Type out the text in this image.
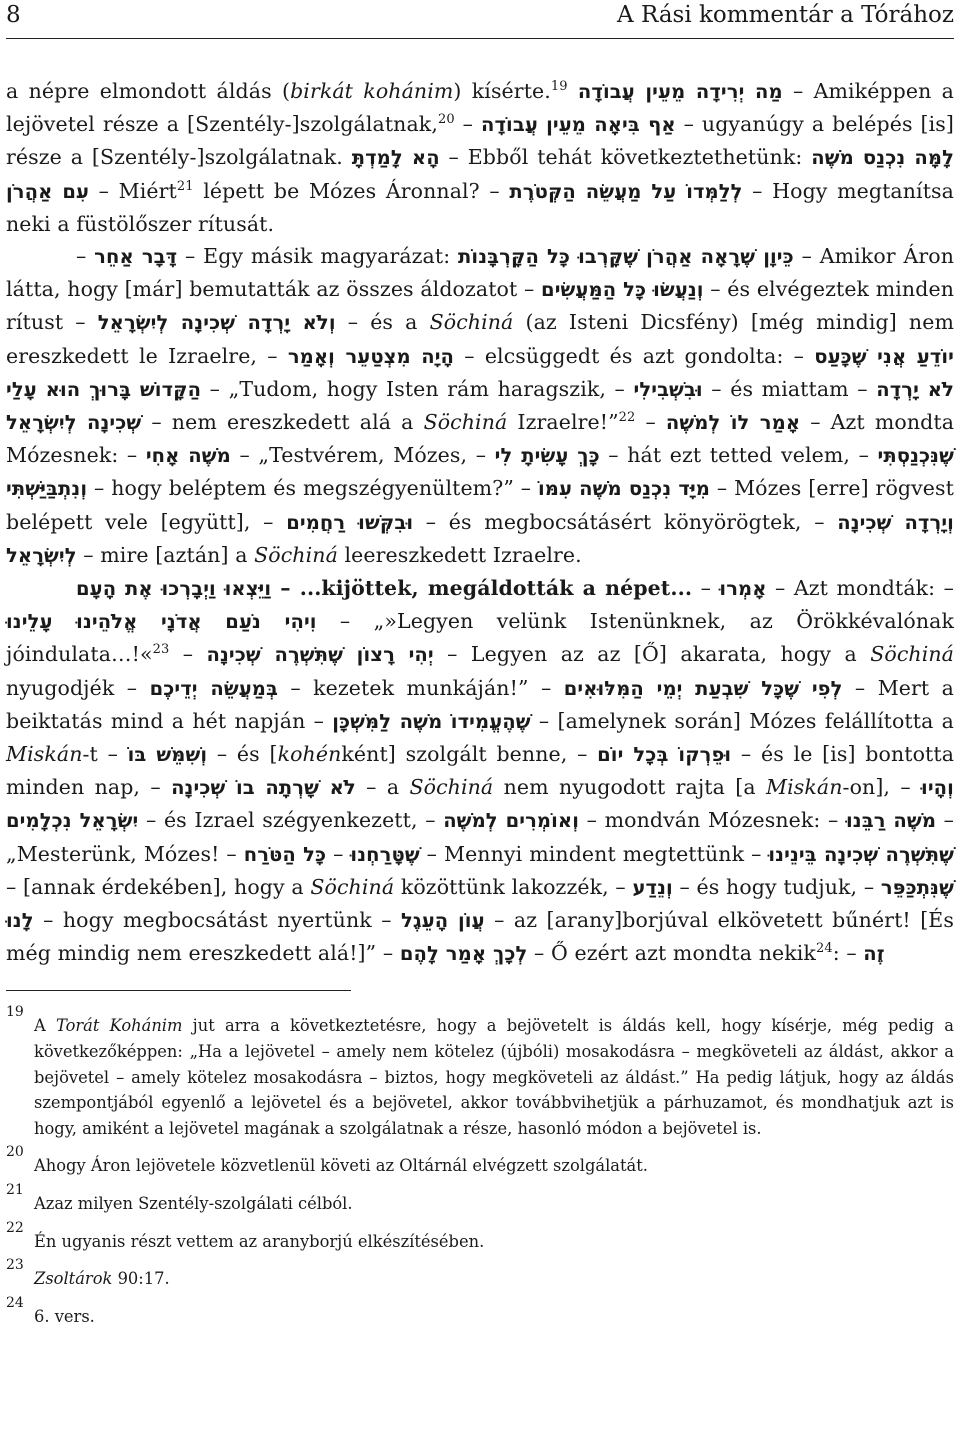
8	A Rási kommentár a Tórához

a népre elmondott áldás (birkát kohánim) kísérte.$^{19}$ מַה יְרִידָה מֵעֵין עֲבוֹדָה – Amiképpen a lejövetel része a [Szentély-]szolgálatnak,$^{20}$ – אַף בִּיאָה מֵעֵין עֲבוֹדָה – ugyanúgy a belépés [is] része a [Szentély-]szolgálatnak. הָא לָמַדְתָּ – Ebből tehát következtethetünk: לָמָּה נִכְנַס מֹשֶׁה עִם אַהֲרֹן – Miért$^{21}$ lépett be Mózes Áronnal? – לְלַמְּדוֹ עַל מַעֲשֵׂה הַקְּטֹרֶת – Hogy megtanítsa neki a füstölőszer rítusát.

– דָּבָר אַחֵר – Egy másik magyarázat: כֵּיוָן שֶׁרָאָה אַהֲרֹן שֶׁקָּרְבוּ כָּל הַקָּרְבָּנוֹת – Amikor Áron látta, hogy [már] bemutatták az összes áldozatot – וְנַעֲשׂוּ כָּל הַמַּעֲשִׂים – és elvégeztek minden rítust – וְלֹא יָרְדָה שְׁכִינָה לְיִשְׂרָאֵל – és a Söchiná (az Isteni Dicsfény) [még mindig] nem ereszkedett le Izraelre, – הָיָה מִצְטַעֵר וְאָמַר – elcsüggedt és azt gondolta: – יוֹדֵעַ אֲנִי שֶׁכָּעַס הַקָּדוֹשׁ בָּרוּךְ הוּא עָלַי – „Tudom, hogy Isten rám haragszik, – וּבִשְׁבִילִי – és miattam – לֹא יָרְדָה שְׁכִינָה לְיִשְׂרָאֵל – nem ereszkedett alá a Söchiná Izraelre!”$^{22}$ – אָמַר לוֹ לְמֹשֶׁה – Azt mondta Mózesnek: – מֹשֶׁה אָחִי – „Testvérem, Mózes, – כָּךְ עָשִׂיתָ לִי – hát ezt tetted velem, – שֶׁנִּכְנַסְתִּי וְנִתְבַּיַּשְׁתִּי – hogy beléptem és megszégyenültem?” – מִיָּד נִכְנַס מֹשֶׁה עִמּוֹ – Mózes [erre] rögvest belépett vele [együtt], – וּבִקְּשׁוּ רַחֲמִים – és megbocsátásért könyörögtek, – וְיָרְדָה שְׁכִינָה לְיִשְׂרָאֵל – mire [aztán] a Söchiná leereszkedett Izraelre.

וַיֵּצְאוּ וַיְבָרְכוּ אֶת הָעָם – ...kijöttek, megáldották a népet... – אָמְרוּ – Azt mondták: – וִיהִי נֹעַם אֲדֹנָי אֱלֹהֵינוּ עָלֵינוּ – „»Legyen velünk Istenünknek, az Örökkévalónak jóindulata…!«$^{23}$ – יְהִי רָצוֹן שֶׁתִּשְׁרֶה שְׁכִינָה – Legyen az az [Ő] akarata, hogy a Söchiná nyugodjék – בְּמַעֲשֵׂה יְדֵיכֶם – kezetek munkáján!” – לְפִי שֶׁכָּל שִׁבְעַת יְמֵי הַמִּלּוּאִים – Mert a beiktatás mind a hét napján – שֶׁהֶעֱמִידוֹ מֹשֶׁה לַמִּשְׁכָּן – [amelynek során] Mózes felállította a Miskán-t – וְשִׁמֵּשׁ בּוֹ – és [kohénként] szolgált benne, – וּפֵרְקוֹ בְּכָל יוֹם – és le [is] bontotta minden nap, – לֹא שָׁרְתָה בוֹ שְׁכִינָה – a Söchiná nem nyugodott rajta [a Miskán-on], – וְהָיוּ יִשְׂרָאֵל נִכְלָמִים – és Izrael szégyenkezett, – וְאוֹמְרִים לְמֹשֶׁה – mondván Mózesnek: – מֹשֶׁה רַבֵּנוּ – „Mesterünk, Mózes! – כָּל הַטֹּרַח – שֶׁטָּרַחְנוּ – Mennyi mindent megtettünk – שֶׁתִּשְׁרֶה שְׁכִינָה בֵּינֵינוּ – [annak érdekében], hogy a Söchiná közöttünk lakozzék, – וְנֵדַע – és hogy tudjuk, – שֶׁנִּתְכַּפֵּר לָנוּ – hogy megbocsátást nyertünk – עֲוֹן הָעֵגֶל – az [arany]borjúval elkövetett bűnért! [És még mindig nem ereszkedett alá!]” – לְכָךְ אָמַר לָהֶם – Ő ezért azt mondta nekik$^{24}$: – זֶה

19
A Torát Kohánim jut arra a következtetésre, hogy a bejövetelt is áldás kell, hogy kísérje, még pedig a következőképpen: „Ha a lejövetel – amely nem kötelez (újbóli) mosakodásra – megköveteli az áldást, akkor a bejövetel – amely kötelez mosakodásra – biztos, hogy megköveteli az áldást.” Ha pedig látjuk, hogy az áldás szempontjából egyenlő a lejövetel és a bejövetel, akkor továbbvihetjük a párhuzamot, és mondhatjuk azt is hogy, amiként a lejövetel magának a szolgálatnak a része, hasonló módon a bejövetel is.
20
Ahogy Áron lejövetele közvetlenül követi az Oltárnál elvégzett szolgálatát.
21
Azaz milyen Szentély-szolgálati célból.
22
Én ugyanis részt vettem az aranyborjú elkészítésében.
23
Zsoltárok 90:17.
24
6. vers.
